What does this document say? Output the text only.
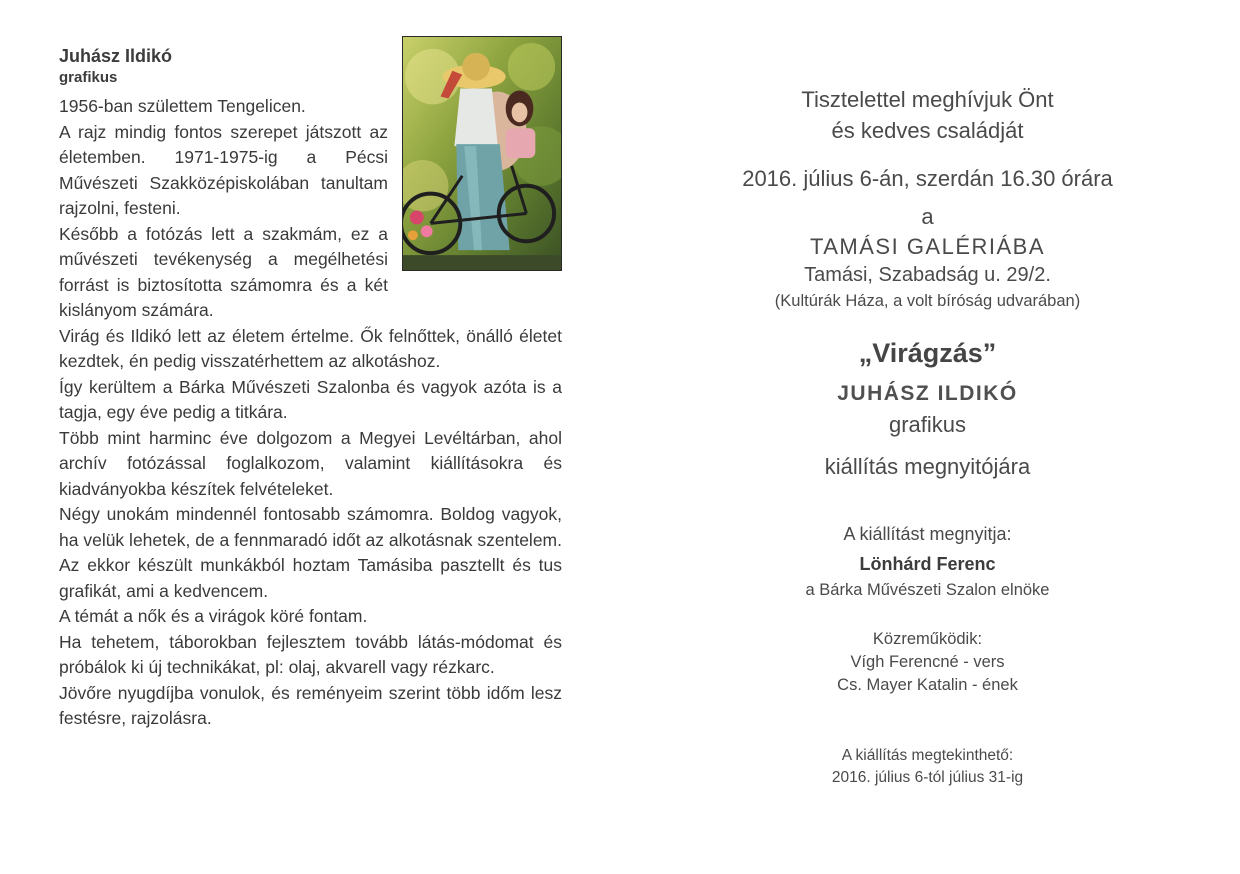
Juhász Ildikó
grafikus

1956-ban születtem Tengelicen.

A rajz mindig fontos szerepet játszott az életemben. 1971-1975-ig a Pécsi Művészeti Szakközépiskolában tanultam rajzolni, festeni.

Később a fotózás lett a szakmám, ez a művészeti tevékenység a megélhetési forrást is biztosította számomra és a két kislányom számára.

Virág és Ildikó lett az életem értelme. Ők felnőttek, önálló életet kezdtek, én pedig visszatérhettem az alkotáshoz.

Így kerültem a Bárka Művészeti Szalonba és vagyok azóta is a tagja, egy éve pedig a titkára.

Több mint harminc éve dolgozom a Megyei Levéltárban, ahol archív fotózással foglalkozom, valamint kiállításokra és kiadványokba készítek felvételeket.

Négy unokám mindennél fontosabb számomra. Boldog vagyok, ha velük lehetek, de a fennmaradó időt az alkotásnak szentelem. Az ekkor készült munkákból hoztam Tamásiba pasztellt és tus grafikát, ami a kedvencem.

A témát a nők és a virágok köré fontam.

Ha tehetem, táborokban fejlesztem tovább látás-módomat és próbálok ki új technikákat, pl: olaj, akvarell vagy rézkarc.

Jövőre nyugdíjba vonulok, és reményeim szerint több időm lesz festésre, rajzolásra.

Tisztelettel meghívjuk Önt
és kedves családját
2016. július 6-án, szerdán 16.30 órára
a
TAMÁSI GALÉRIÁBA
Tamási, Szabadság u. 29/2.
(Kultúrák Háza, a volt bíróság udvarában)
„Virágzás”
JUHÁSZ ILDIKÓ
grafikus
kiállítás megnyitójára
A kiállítást megnyitja:
Lönhárd Ferenc
a Bárka Művészeti Szalon elnöke
Közreműködik:
Vígh Ferencné - vers
Cs. Mayer Katalin - ének
A kiállítás megtekinthető:
2016. július 6-tól július 31-ig
